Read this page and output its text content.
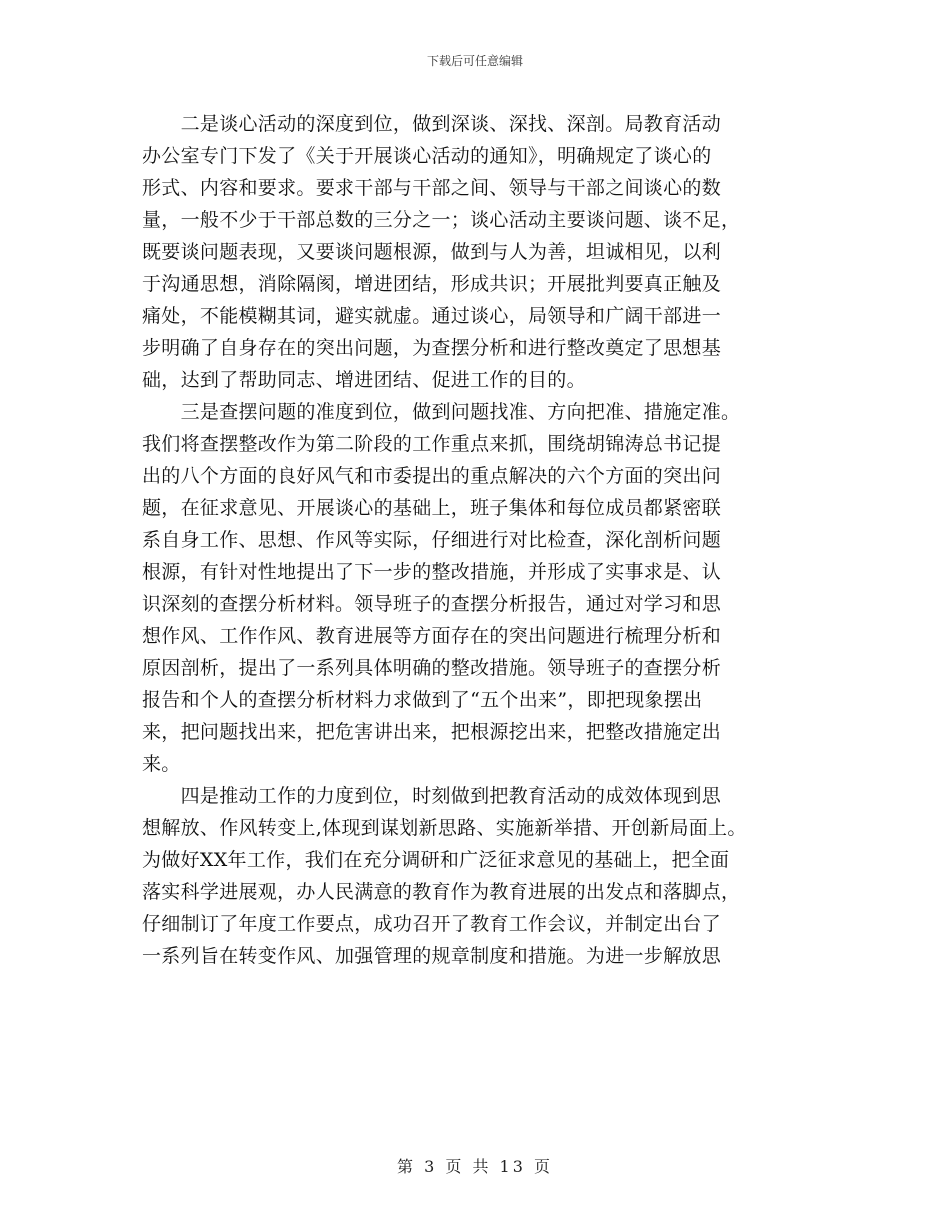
下载后可任意编辑
　　二是谈心活动的深度到位，做到深谈、深找、深剖。局教育活动
办公室专门下发了《关于开展谈心活动的通知》，明确规定了谈心的
形式、内容和要求。要求干部与干部之间、领导与干部之间谈心的数
量，一般不少于干部总数的三分之一；谈心活动主要谈问题、谈不足，
既要谈问题表现，又要谈问题根源，做到与人为善，坦诚相见，以利
于沟通思想，消除隔阂，增进团结，形成共识；开展批判要真正触及
痛处，不能模糊其词，避实就虚。通过谈心，局领导和广阔干部进一
步明确了自身存在的突出问题，为查摆分析和进行整改奠定了思想基
础，达到了帮助同志、增进团结、促进工作的目的。
　　三是查摆问题的准度到位，做到问题找准、方向把准、措施定准。
我们将查摆整改作为第二阶段的工作重点来抓，围绕胡锦涛总书记提
出的八个方面的良好风气和市委提出的重点解决的六个方面的突出问
题，在征求意见、开展谈心的基础上，班子集体和每位成员都紧密联
系自身工作、思想、作风等实际，仔细进行对比检查，深化剖析问题
根源，有针对性地提出了下一步的整改措施，并形成了实事求是、认
识深刻的查摆分析材料。领导班子的查摆分析报告，通过对学习和思
想作风、工作作风、教育进展等方面存在的突出问题进行梳理分析和
原因剖析，提出了一系列具体明确的整改措施。领导班子的查摆分析
报告和个人的查摆分析材料力求做到了“五个出来”，即把现象摆出
来，把问题找出来，把危害讲出来，把根源挖出来，把整改措施定出
来。
　　四是推动工作的力度到位，时刻做到把教育活动的成效体现到思
想解放、作风转变上,体现到谋划新思路、实施新举措、开创新局面上。
为做好XX年工作，我们在充分调研和广泛征求意见的基础上，把全面
落实科学进展观，办人民满意的教育作为教育进展的出发点和落脚点，
仔细制订了年度工作要点，成功召开了教育工作会议，并制定出台了
一系列旨在转变作风、加强管理的规章制度和措施。为进一步解放思
第 3 页 共 13 页
